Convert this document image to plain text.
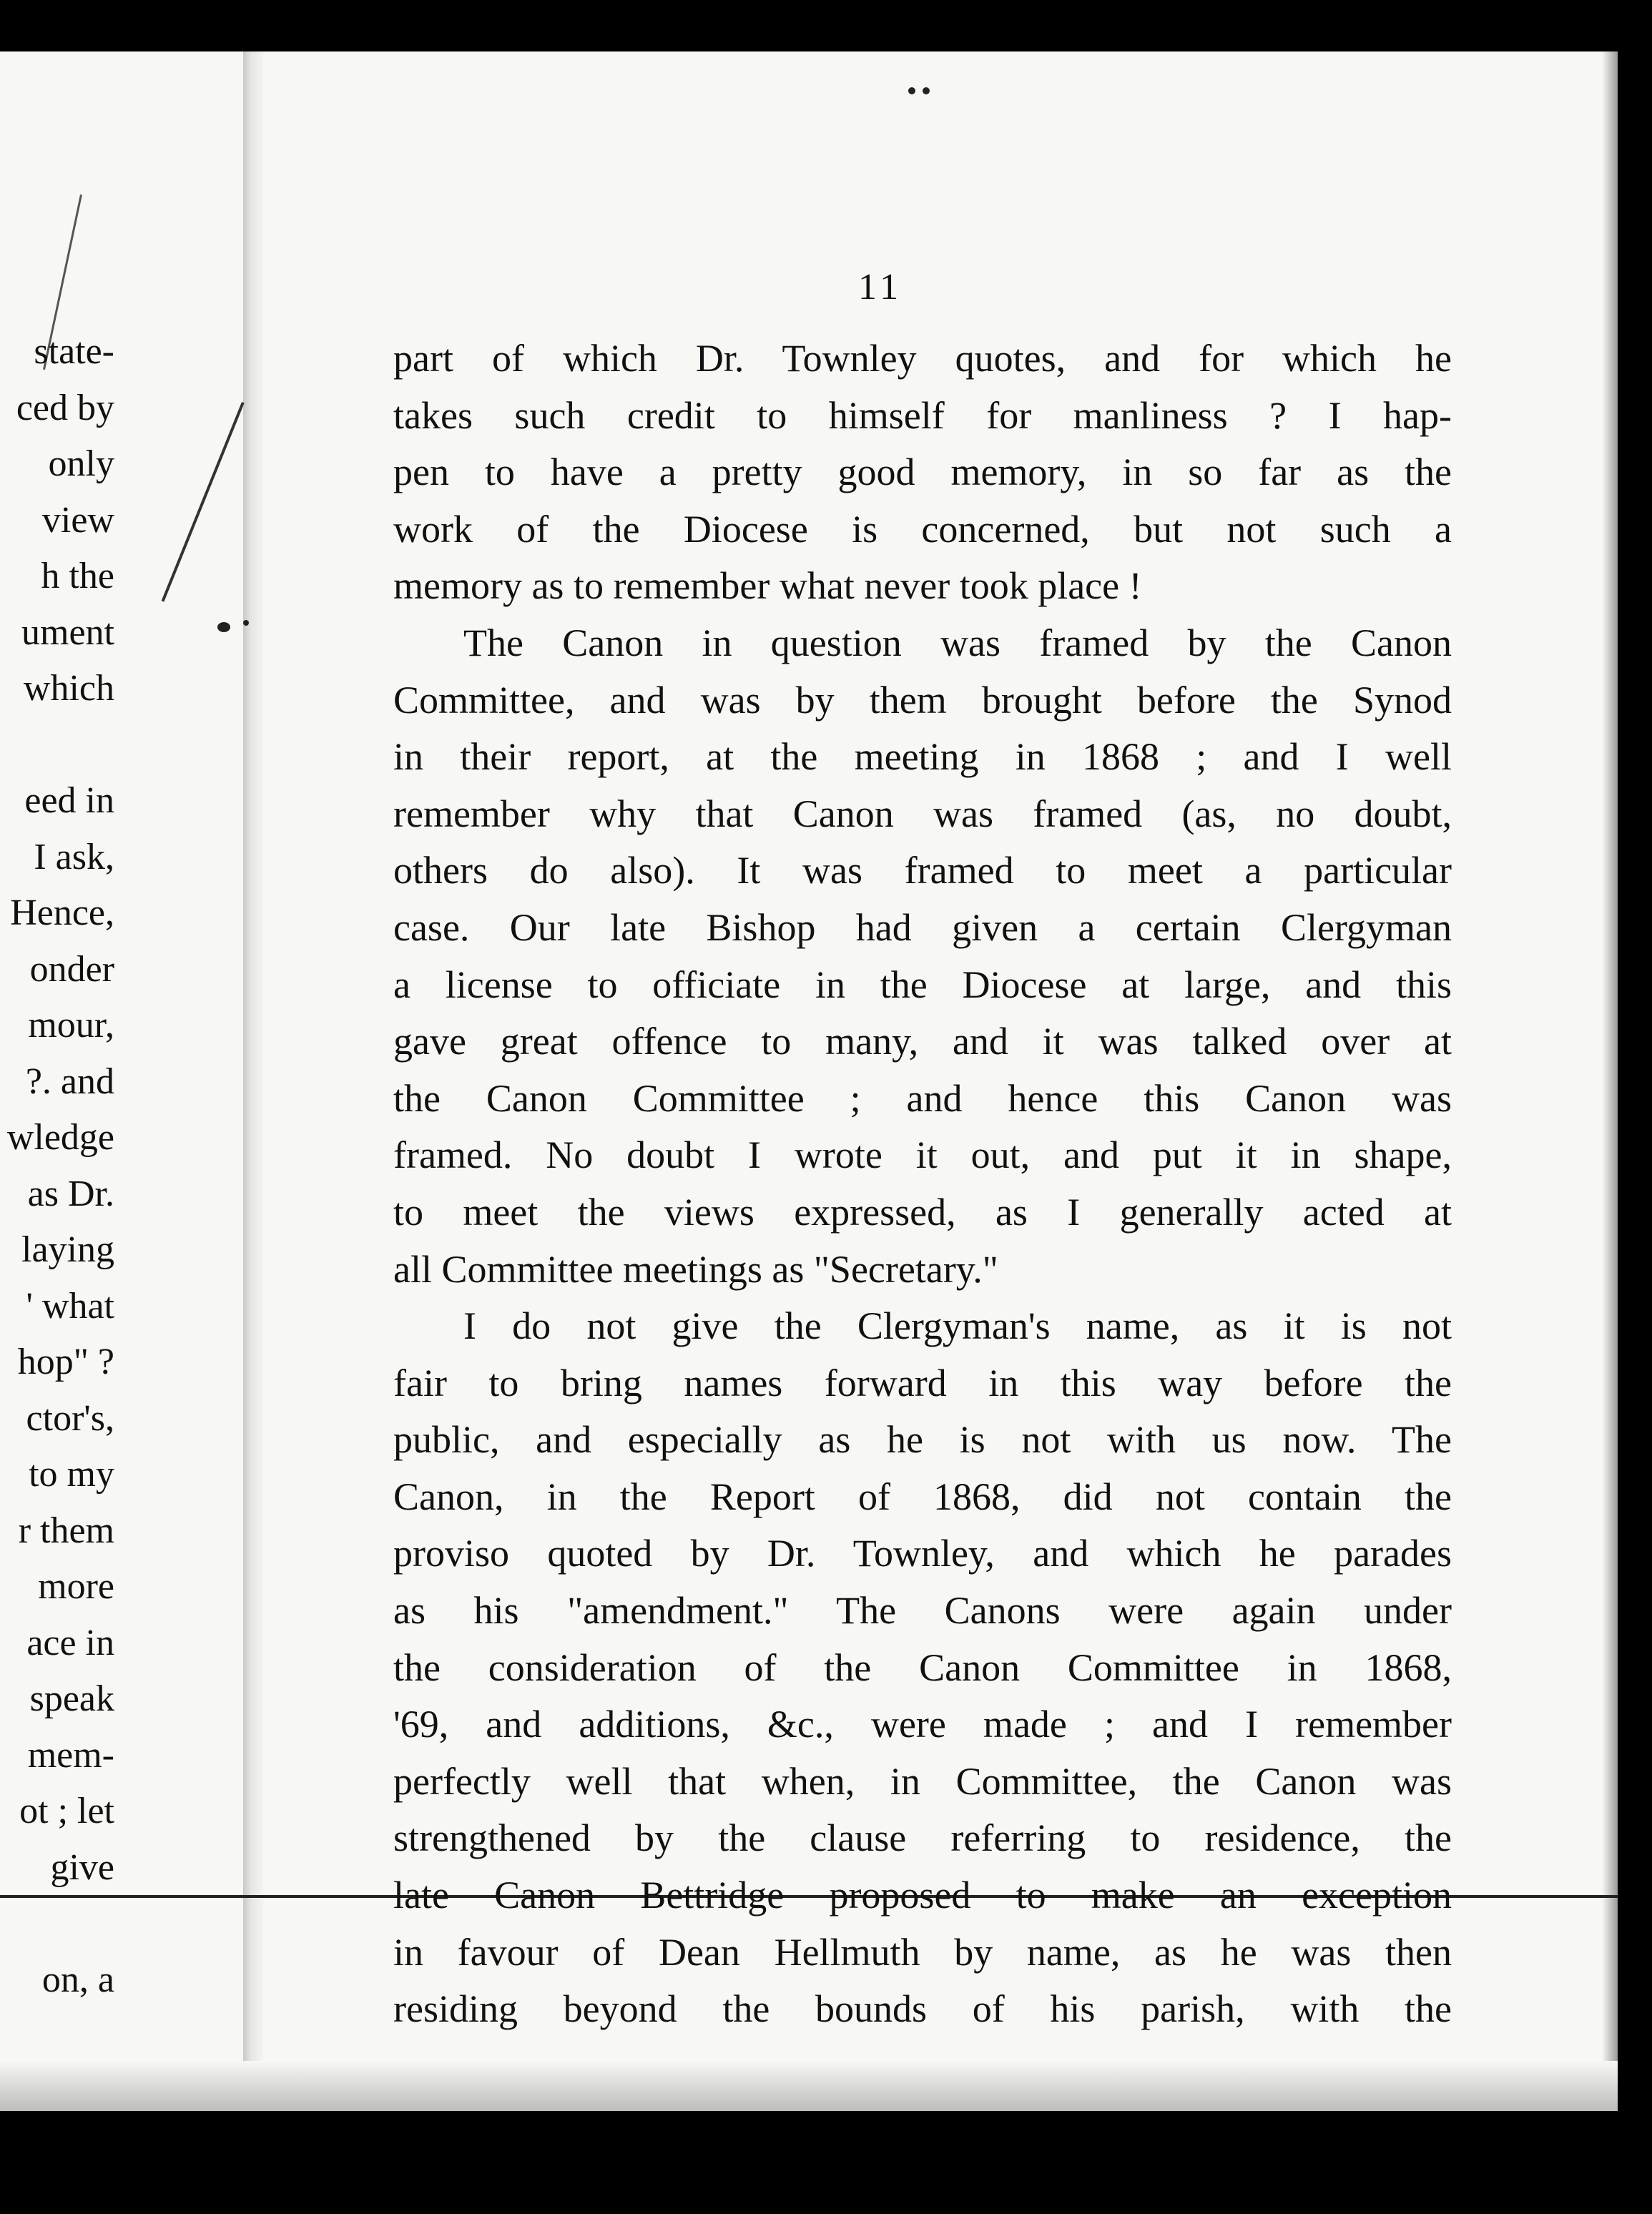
state-
ced by
only
view
h the
ument
which
eed in
I ask,
Hence,
onder
mour,
?. and
wledge
as Dr.
laying
' what
hop" ?
ctor's,
to my
r them
more
ace in
speak
mem-
ot ; let
give
on, a
11
part of which Dr. Townley quotes, and for which he
takes such credit to himself for manliness ? I hap-
pen to have a pretty good memory, in so far as the
work of the Diocese is concerned, but not such a
memory as to remember what never took place !
The Canon in question was framed by the Canon
Committee, and was by them brought before the Synod
in their report, at the meeting in 1868 ; and I well
remember why that Canon was framed (as, no doubt,
others do also). It was framed to meet a particular
case. Our late Bishop had given a certain Clergyman
a license to officiate in the Diocese at large, and this
gave great offence to many, and it was talked over at
the Canon Committee ; and hence this Canon was
framed. No doubt I wrote it out, and put it in shape,
to meet the views expressed, as I generally acted at
all Committee meetings as "Secretary."
I do not give the Clergyman's name, as it is not
fair to bring names forward in this way before the
public, and especially as he is not with us now. The
Canon, in the Report of 1868, did not contain the
proviso quoted by Dr. Townley, and which he parades
as his "amendment." The Canons were again under
the consideration of the Canon Committee in 1868,
'69, and additions, &c., were made ; and I remember
perfectly well that when, in Committee, the Canon was
strengthened by the clause referring to residence, the
late Canon Bettridge proposed to make an exception
in favour of Dean Hellmuth by name, as he was then
residing beyond the bounds of his parish, with the
